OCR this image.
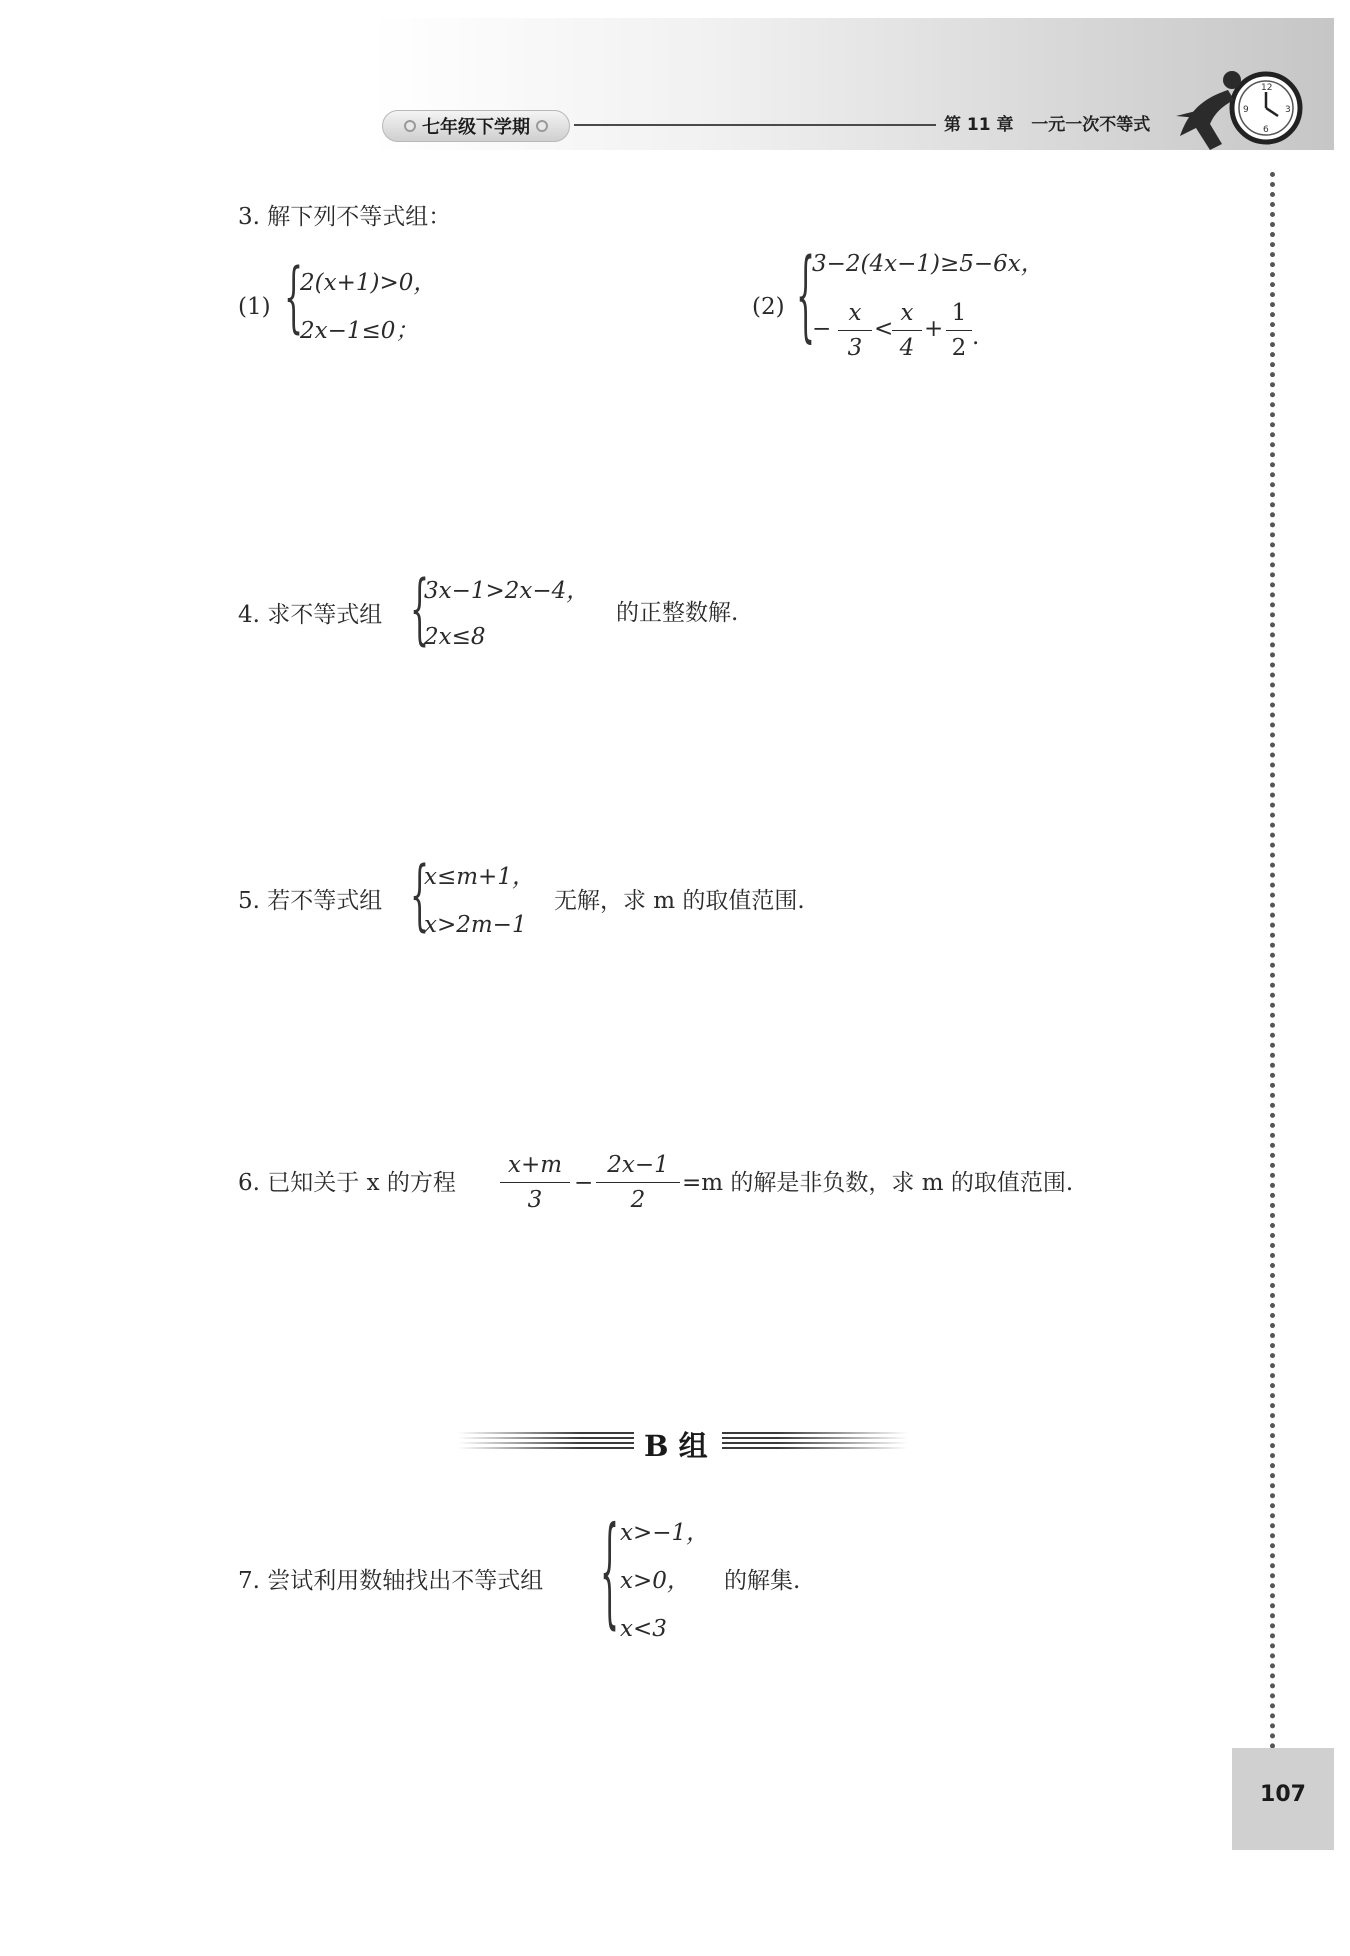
七年级下学期	第 11 章   一元一次不等式
12
3
6
9
3. 解下列不等式组：
(1) {
2(x+1)>0，
2x−1≤0；
(2) {
3−2(4x−1)≥5−6x，
−
x
3
<
x
4
+
1
2 .
4. 求不等式组 {
3x−1>2x−4，
2x≤8
的正整数解.
5. 若不等式组 {
x≤m+1，
x>2m−1
无解，求 m 的取值范围.
6. 已知关于 x 的方程
x+m
3
−
2x−1
2
=m 的解是非负数，求 m 的取值范围.
B 组
7. 尝试利用数轴找出不等式组 { x>−1，
x>0，
x<3
的解集.
107
